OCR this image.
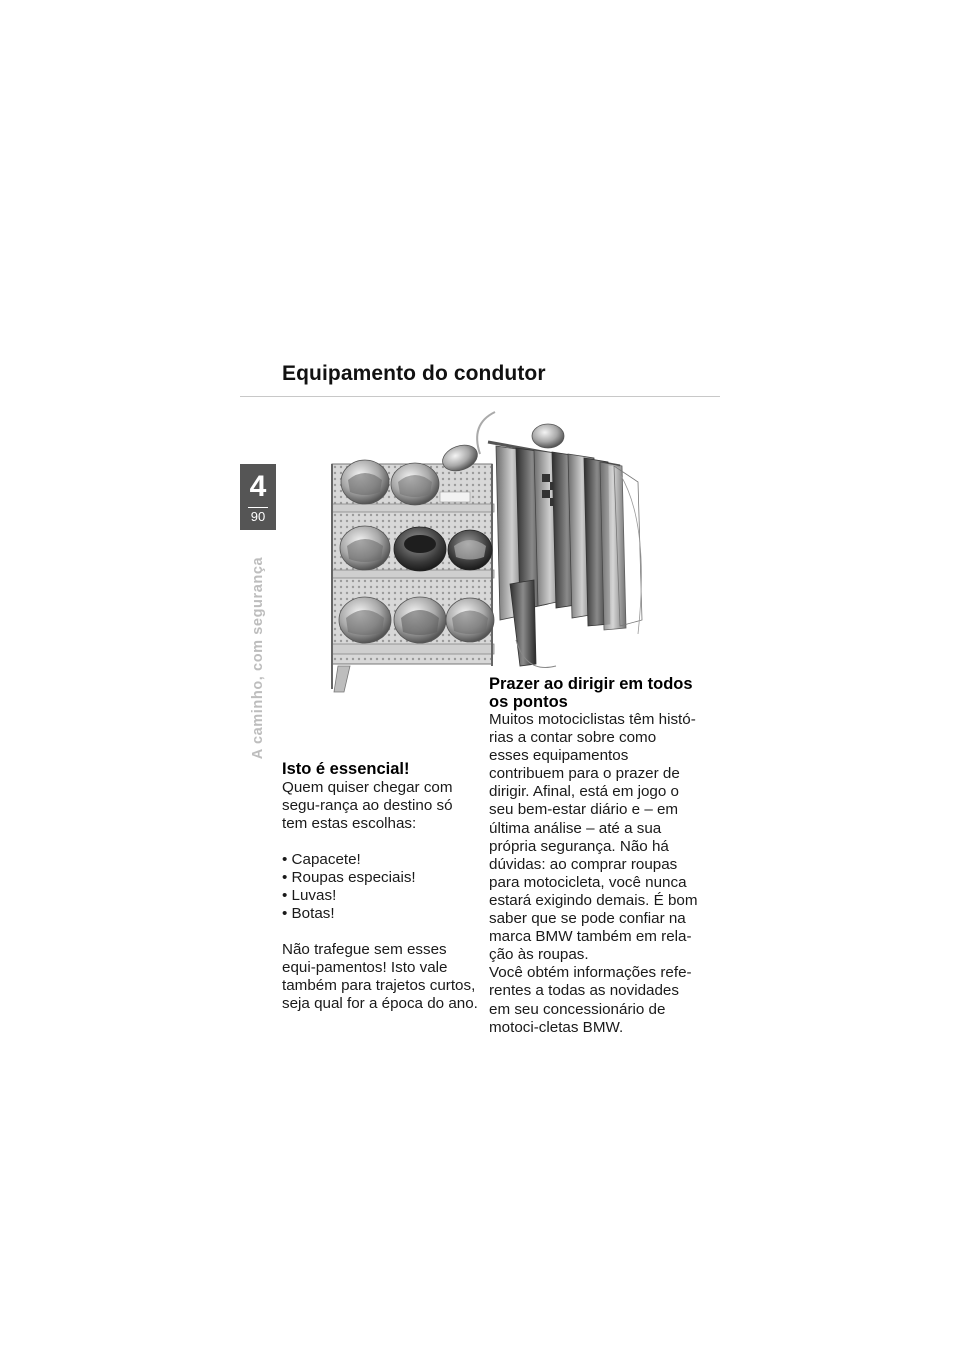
Equipamento do condutor
4
90
A caminho, com segurança
Isto é essencial!

Quem quiser chegar com segu-rança ao destino só tem estas escolhas:

• Capacete!
• Roupas especiais!
• Luvas!
• Botas!

Não trafegue sem esses equi-pamentos! Isto vale também para trajetos curtos, seja qual for a época do ano.

Prazer ao dirigir em todos os pontos

Muitos motociclistas têm histó-rias a contar sobre como esses equipamentos contribuem para o prazer de dirigir. Afinal, está em jogo o seu bem-estar diário e – em última análise – até a sua própria segurança. Não há dúvidas: ao comprar roupas para motocicleta, você nunca estará exigindo demais. É bom saber que se pode confiar na marca BMW também em rela-ção às roupas.

Você obtém informações refe-rentes a todas as novidades em seu concessionário de motoci-cletas BMW.
